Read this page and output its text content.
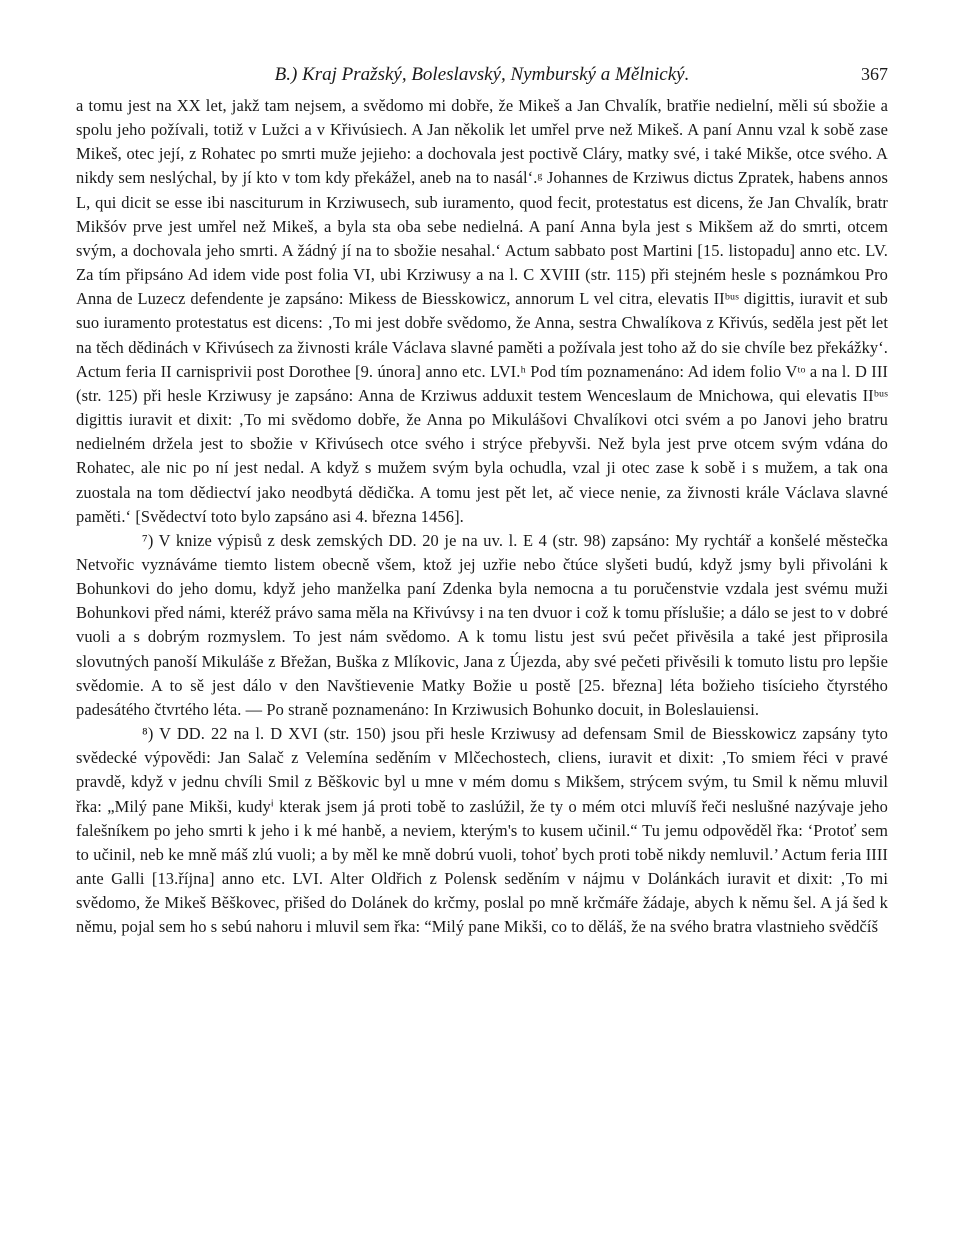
B.) Kraj Pražský, Boleslavský, Nymburský a Mělnický.	367

a tomu jest na XX let, jakž tam nejsem, a svědomo mi dobře, že Mikeš a Jan Chvalík, bratřie nedielní, měli sú sbožie a spolu jeho požívali, totiž v Lužci a v Křivúsiech. A Jan několik let umřel prve než Mikeš. A paní Annu vzal k sobě zase Mikeš, otec její, z Rohatec po smrti muže jejieho: a dochovala jest poctivě Cláry, matky své, i také Mikše, otce svého. A nikdy sem neslýchal, by jí kto v tom kdy překážel, aneb na to nasál‘.ᵍ Johannes de Krziwus dictus Zpratek, habens annos L, qui dicit se esse ibi nasciturum in Krziwusech, sub iuramento, quod fecit, protestatus est dicens, že Jan Chvalík, bratr Mikšóv prve jest umřel než Mikeš, a byla sta oba sebe nedielná. A paní Anna byla jest s Mikšem až do smrti, otcem svým, a dochovala jeho smrti. A žádný jí na to sbožie nesahal.‘ Actum sabbato post Martini [15. listopadu] anno etc. LV. Za tím připsáno Ad idem vide post folia VI, ubi Krziwusy a na l. C XVIII (str. 115) při stejném hesle s poznámkou Pro Anna de Luzecz defendente je zapsáno: Mikess de Biesskowicz, annorum L vel citra, elevatis IIᵇᵘˢ digittis, iuravit et sub suo iuramento protestatus est dicens: ‚To mi jest dobře svědomo, že Anna, sestra Chwalíkova z Křivús, seděla jest pět let na těch dědinách v Křivúsech za živnosti krále Václava slavné paměti a požívala jest toho až do sie chvíle bez překážky‘. Actum feria II carnisprivii post Dorothee [9. února] anno etc. LVI.ʰ Pod tím poznamenáno: Ad idem folio Vᵗᵒ a na l. D III (str. 125) při hesle Krziwusy je zapsáno: Anna de Krziwus adduxit testem Wenceslaum de Mnichowa, qui elevatis IIᵇᵘˢ digittis iuravit et dixit: ‚To mi svědomo dobře, že Anna po Mikulášovi Chvalíkovi otci svém a po Janovi jeho bratru nedielném držela jest to sbožie v Křivúsech otce svého i strýce přebyvši. Než byla jest prve otcem svým vdána do Rohatec, ale nic po ní jest nedal. A když s mužem svým byla ochudla, vzal ji otec zase k sobě i s mužem, a tak ona zuostala na tom dědiectví jako neodbytá dědička. A tomu jest pět let, ač viece nenie, za živnosti krále Václava slavné paměti.‘ [Svědectví toto bylo zapsáno asi 4. března 1456].

⁷) V knize výpisů z desk zemských DD. 20 je na uv. l. E 4 (str. 98) zapsáno: My rychtář a konšelé městečka Netvořic vyznáváme tiemto listem obecně všem, ktož jej uzřie nebo čtúce slyšeti budú, když jsmy byli přivoláni k Bohunkovi do jeho domu, když jeho manželka paní Zdenka byla nemocna a tu poručenstvie vzdala jest svému muži Bohunkovi před námi, kteréž právo sama měla na Křivúvsy i na ten dvuor i což k tomu příslušie; a dálo se jest to v dobré vuoli a s dobrým rozmyslem. To jest nám svědomo. A k tomu listu jest svú pečet přivěsila a také jest připrosila slovutných panoší Mikuláše z Břežan, Buška z Mlíkovic, Jana z Újezda, aby své pečeti přivěsili k tomuto listu pro lepšie svědomie. A to sě jest dálo v den Navštievenie Matky Božie u postě [25. března] léta božieho tisícieho čtyrstého padesátého čtvrtého léta. — Po straně poznamenáno: In Krziwusich Bohunko docuit, in Boleslauiensi.

⁸) V DD. 22 na l. D XVI (str. 150) jsou při hesle Krziwusy ad defensam Smil de Biesskowicz zapsány tyto svědecké výpovědi: Jan Salač z Velemína seděním v Mlčechostech, cliens, iuravit et dixit: ‚To smiem řéci v pravé pravdě, když v jednu chvíli Smil z Běškovic byl u mne v mém domu s Mikšem, strýcem svým, tu Smil k němu mluvil řka: „Milý pane Mikši, kudyⁱ kterak jsem já proti tobě to zaslúžil, že ty o mém otci mluvíš řeči neslušné nazývaje jeho falešníkem po jeho smrti k jeho i k mé hanbě, a neviem, kterým's to kusem učinil.“ Tu jemu odpověděl řka: ‘Protoť sem to učinil, neb ke mně máš zlú vuoli; a by měl ke mně dobrú vuoli, tohoť bych proti tobě nikdy nemluvil.’ Actum feria IIII ante Galli [13.října] anno etc. LVI. Alter Oldřich z Polensk seděním v nájmu v Dolánkách iuravit et dixit: ‚To mi svědomo, že Mikeš Běškovec, přišed do Dolánek do krčmy, poslal po mně krčmáře žádaje, abych k němu šel. A já šed k němu, pojal sem ho s sebú nahoru i mluvil sem řka: “Milý pane Mikši, co to děláš, že na svého bratra vlastnieho svědčíš
